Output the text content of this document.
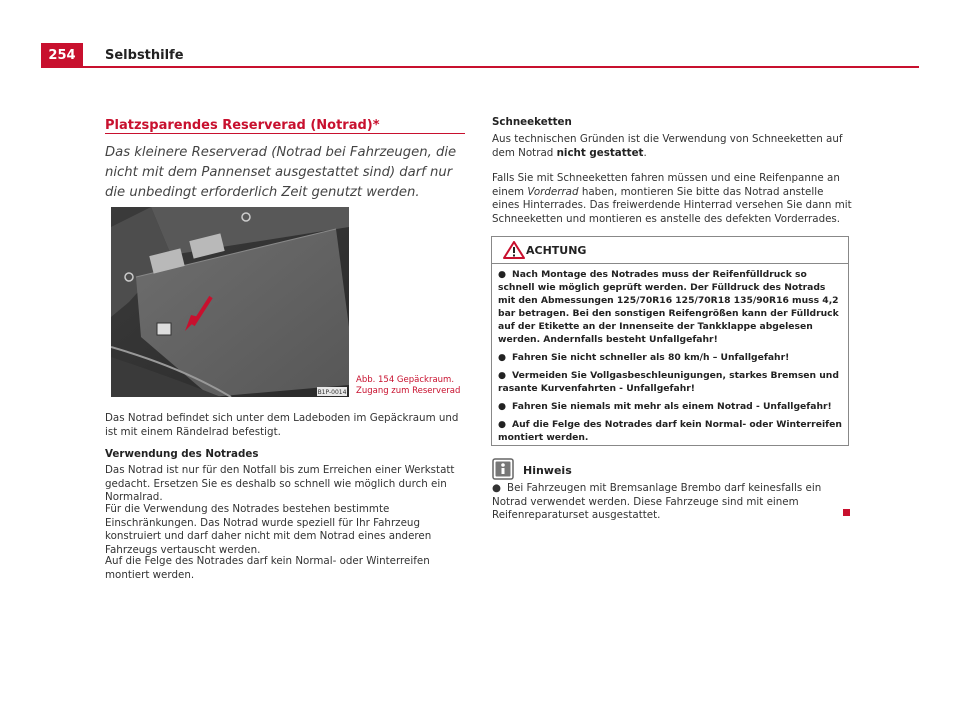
254	Selbsthilfe
Platzsparendes Reserverad (Notrad)*
Das kleinere Reserverad (Notrad bei Fahrzeugen, die nicht mit dem Pannenset ausgestattet sind) darf nur die unbedingt erforderlich Zeit genutzt werden.
B1P-0014
Abb. 154 Gepäckraum.
Zugang zum Reserverad
Das Notrad befindet sich unter dem Ladeboden im Gepäckraum und ist mit einem Rändelrad befestigt.
Verwendung des Notrades
Das Notrad ist nur für den Notfall bis zum Erreichen einer Werkstatt gedacht. Ersetzen Sie es deshalb so schnell wie möglich durch ein Normalrad.
Für die Verwendung des Notrades bestehen bestimmte Einschränkungen. Das Notrad wurde speziell für Ihr Fahrzeug konstruiert und darf daher nicht mit dem Notrad eines anderen Fahrzeugs vertauscht werden.
Auf die Felge des Notrades darf kein Normal- oder Winterreifen montiert werden.
Schneeketten
Aus technischen Gründen ist die Verwendung von Schneeketten auf dem Notrad nicht gestattet.
Falls Sie mit Schneeketten fahren müssen und eine Reifenpanne an einem Vorderrad haben, montieren Sie bitte das Notrad anstelle eines Hinterrades. Das freiwerdende Hinterrad versehen Sie dann mit Schneeketten und montieren es anstelle des defekten Vorderrades.
ACHTUNG

● Nach Montage des Notrades muss der Reifenfülldruck so schnell wie möglich geprüft werden. Der Fülldruck des Notrads mit den Abmessungen 125/70R16 125/70R18 135/90R16 muss 4,2 bar betragen. Bei den sonstigen Reifengrößen kann der Fülldruck auf der Etikette an der Innenseite der Tankklappe abgelesen werden. Andernfalls besteht Unfallgefahr!

● Fahren Sie nicht schneller als 80 km/h – Unfallgefahr!

● Vermeiden Sie Vollgasbeschleunigungen, starkes Bremsen und rasante Kurvenfahrten - Unfallgefahr!

● Fahren Sie niemals mit mehr als einem Notrad - Unfallgefahr!

● Auf die Felge des Notrades darf kein Normal- oder Winterreifen montiert werden.

Hinweis
● Bei Fahrzeugen mit Bremsanlage Brembo darf keinesfalls ein Notrad verwendet werden. Diese Fahrzeuge sind mit einem Reifenreparaturset ausgestattet.
